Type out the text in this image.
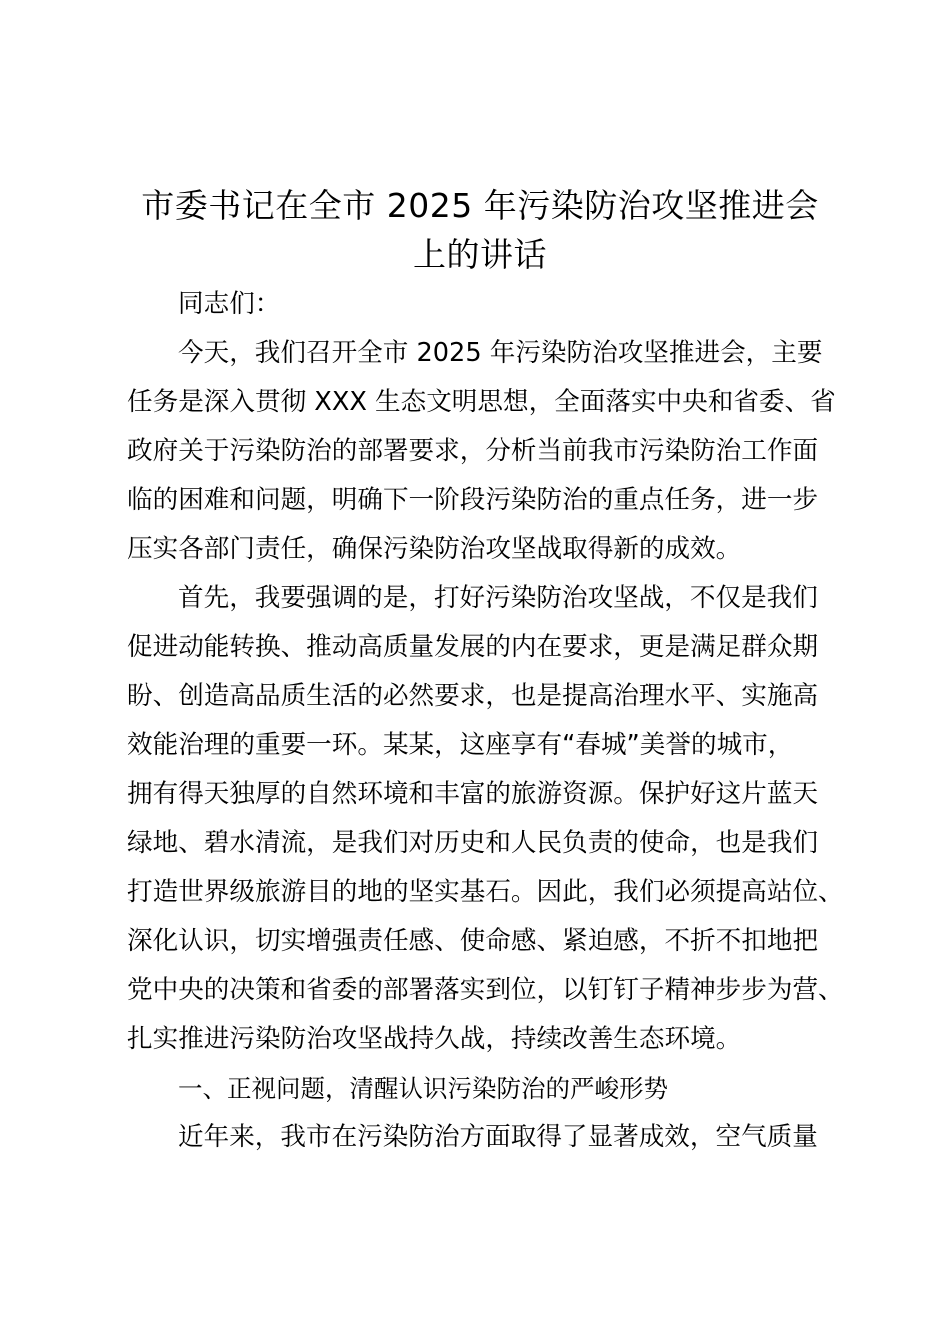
市委书记在全市 2025 年污染防治攻坚推进会
上的讲话

同志们：

今天，我们召开全市 2025 年污染防治攻坚推进会，主要

任务是深入贯彻 XXX 生态文明思想，全面落实中央和省委、省

政府关于污染防治的部署要求，分析当前我市污染防治工作面

临的困难和问题，明确下一阶段污染防治的重点任务，进一步

压实各部门责任，确保污染防治攻坚战取得新的成效。

首先，我要强调的是，打好污染防治攻坚战，不仅是我们

促进动能转换、推动高质量发展的内在要求，更是满足群众期

盼、创造高品质生活的必然要求，也是提高治理水平、实施高

效能治理的重要一环。某某，这座享有“春城”美誉的城市，

拥有得天独厚的自然环境和丰富的旅游资源。保护好这片蓝天

绿地、碧水清流，是我们对历史和人民负责的使命，也是我们

打造世界级旅游目的地的坚实基石。因此，我们必须提高站位、

深化认识，切实增强责任感、使命感、紧迫感，不折不扣地把

党中央的决策和省委的部署落实到位，以钉钉子精神步步为营、

扎实推进污染防治攻坚战持久战，持续改善生态环境。

一、正视问题，清醒认识污染防治的严峻形势

近年来，我市在污染防治方面取得了显著成效，空气质量
